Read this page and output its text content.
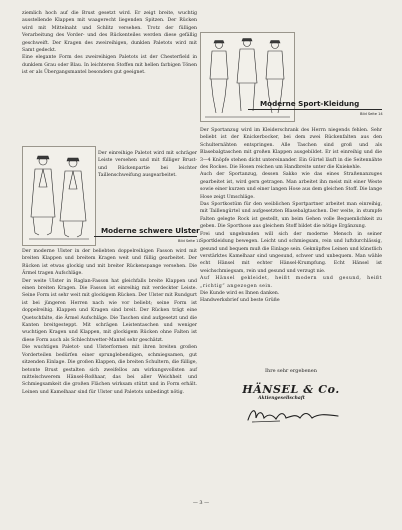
ziemlich hoch auf die Brust gesetzt wird. Er zeigt breite, wuchtig ausstellende Klappen mit waagerecht liegenden Spitzen. Der Rücken wird mit Mittelnaht und Schlitz versehen. Trotz der fülligen Verarbeitung des Vorder- und des Rückenteiles werden diese gefällig geschweift. Der Kragen des zweireihigen, dunklen Paletots wird mit Samt gedeckt.

Eine elegante Form des zweireihigen Paletots ist der Chesterfield in dunklem Grau oder Blau. In leichteren Stoffen mit hellen farbigen Tönen ist er als Übergangsmantel besonders gut geeignet.

Der einreihige Paletot wird mit schräger Leiste versehen und mit fülliger Brust- und Rückenpartie bei leichter Taillenschweifung ausgearbeitet.

Moderne schwere Ulster
Bild Seite 11

Der moderne Ulster in der beliebten doppelreihigen Fasson wird mit breiten Klappen und breitem Kragen weit und füllig gearbeitet. Der Rücken ist etwas glockig und mit breiter Rückenspange versehen. Die Ärmel tragen Aufschläge.

Der weite Ulster in Raglan-Fasson hat gleichfalls breite Klappen und einen breiten Kragen. Die Fasson ist einreihig mit verdeckter Leiste. Seine Form ist sehr weit mit glockigem Rücken. Der Ulster mit Rundgurt ist bei jüngeren Herren nach wie vor beliebt; seine Form ist doppelreihig. Klappen und Kragen sind breit. Der Rücken trägt eine Quetschfalte, die Ärmel Aufschläge. Die Taschen sind aufgesetzt und die Kanten breitgesteppt. Mit schrägen Leistentaschen und weniger wuchtigen Kragen und Klappen, mit glockigem Rücken ohne Falten ist diese Form auch als Schlechtwetter-Mantel sehr geschätzt.

Die wuchtigen Paletot- und Ulsterformen mit ihren breiten großen Vorderteilen bedürfen einer sprunglebendigen, schmiegsamen, gut sitzenden Einlage. Die großen Klappen, die breiten Schultern, die füllige, betonte Brust gestalten sich zweifellos am wirkungsvollsten auf mittelschwerem Hänsel-Roßhaar, das bei aller Weichheit und Schmiegsamkeit die großen Flächen wirksam stützt und in Form erhält. Leinen und Kamelhaar sind für Ulster und Paletots unbedingt nötig.

Moderne Sport-Kleidung
Bild Seite 14

Der Sportanzug wird im Kleiderschrank des Herrn niegends fehlen. Sehr beliebt ist der Knickerbocker, bei dem zwei Rückenfalten aus den Schulternähten entspringen. Alle Taschen sind groß und als Blasebalgtaschen mit großen Klappen ausgebildet. Er ist einreihig und die 3—4 Knöpfe stehen dicht untereinander. Ein Gürtel läuft in die Seitennähte des Rockes. Die Hosen reichen um Handbreite unter die Kniekehle.

Auch der Sportanzug, dessen Sakko wie das eines Straßenanzuges gearbeitet ist, wird gern getragen. Man arbeitet ihn meist mit einer Weste sowie einer kurzen und einer langen Hose aus dem gleichen Stoff. Die lange Hose zeigt Umschläge.

Das Sportkostüm für den weiblichen Sportpartner arbeitet man einreihig, mit Taillengürtel und aufgesetzten Blasebalgtaschen. Der weite, in stumpfe Falten gelegte Rock ist gestellt, um beim Gehen volle Bequemlichkeit zu geben. Die Sporthose aus gleichem Stoff bildet die nötige Ergänzung.

Frei und ungebunden will sich der moderne Mensch in seiner Sportkleidung bewegen. Leicht und schmiegsam, rein und luftdurchlässig, gesund und bequem muß die Einlage sein. Geknüpftes Leinen und künstlich verstärktes Kamelhaar sind ungesund, schwer und unbequem. Man wähle echt Hänsel mit echter Hänsel-Krumpfung. Echt Hänsel ist weichschmiegsam, rein und gesund und verzugt nie.

Auf Hänsel gekleidet, heißt modern und gesund, heißt „richtig“ angezogen sein.

Die Kunde wird es Ihnen danken.

Handwerksbrief und beste Grüße

Ihre sehr ergebenen
HÄNSEL & Co.
Aktiengesellschaft
— 3 —
